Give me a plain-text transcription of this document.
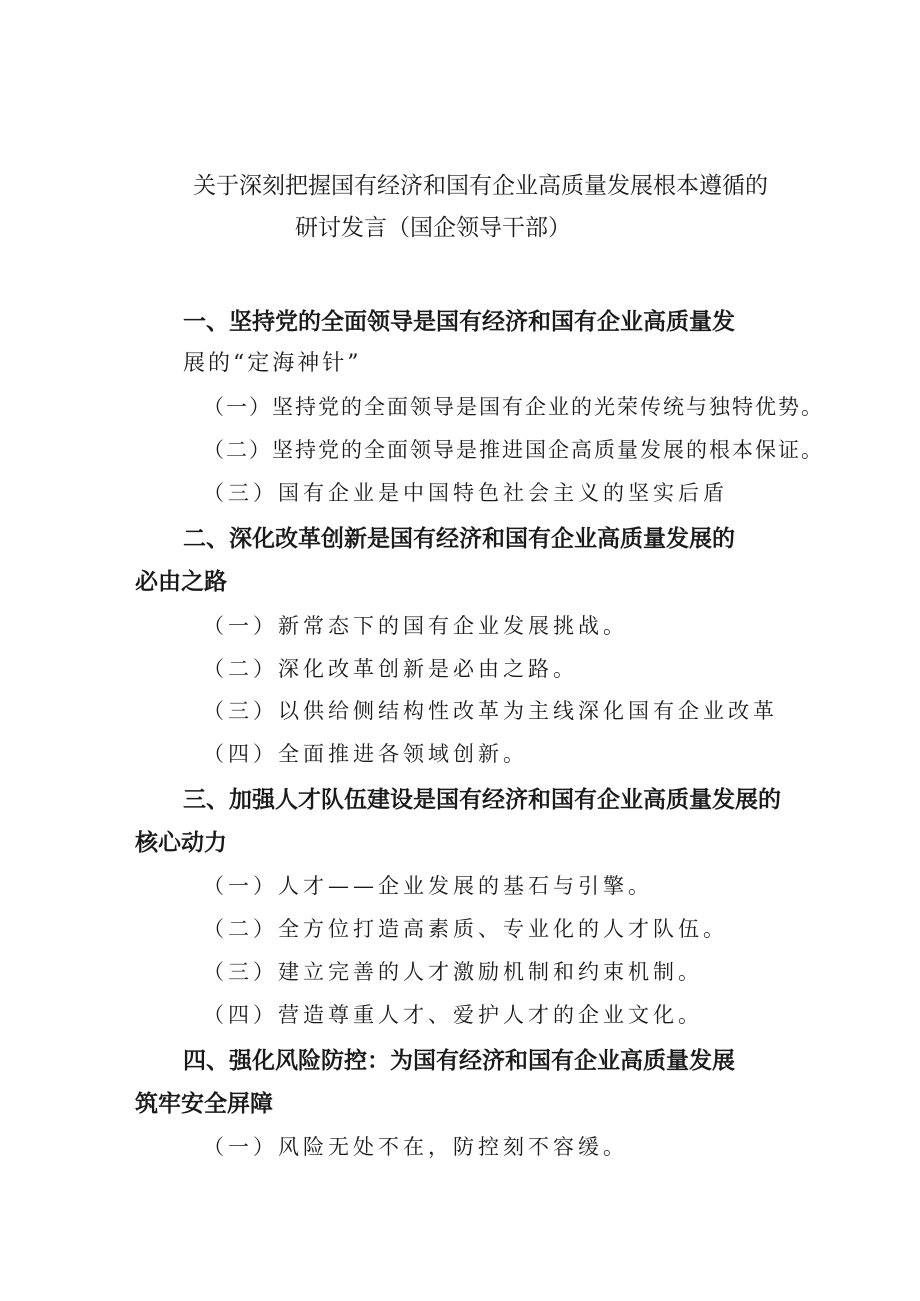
关于深刻把握国有经济和国有企业高质量发展根本遵循的
研讨发言（国企领导干部）
一、坚持党的全面领导是国有经济和国有企业高质量发
展的“定海神针”
（一）坚持党的全面领导是国有企业的光荣传统与独特优势。
（二）坚持党的全面领导是推进国企高质量发展的根本保证。
（三）国有企业是中国特色社会主义的坚实后盾
二、深化改革创新是国有经济和国有企业高质量发展的
必由之路
（一）新常态下的国有企业发展挑战。
（二）深化改革创新是必由之路。
（三）以供给侧结构性改革为主线深化国有企业改革
（四）全面推进各领域创新。
三、加强人才队伍建设是国有经济和国有企业高质量发展的
核心动力
（一）人才——企业发展的基石与引擎。
（二）全方位打造高素质、专业化的人才队伍。
（三）建立完善的人才激励机制和约束机制。
（四）营造尊重人才、爱护人才的企业文化。
四、强化风险防控：为国有经济和国有企业高质量发展
筑牢安全屏障
（一）风险无处不在，防控刻不容缓。
